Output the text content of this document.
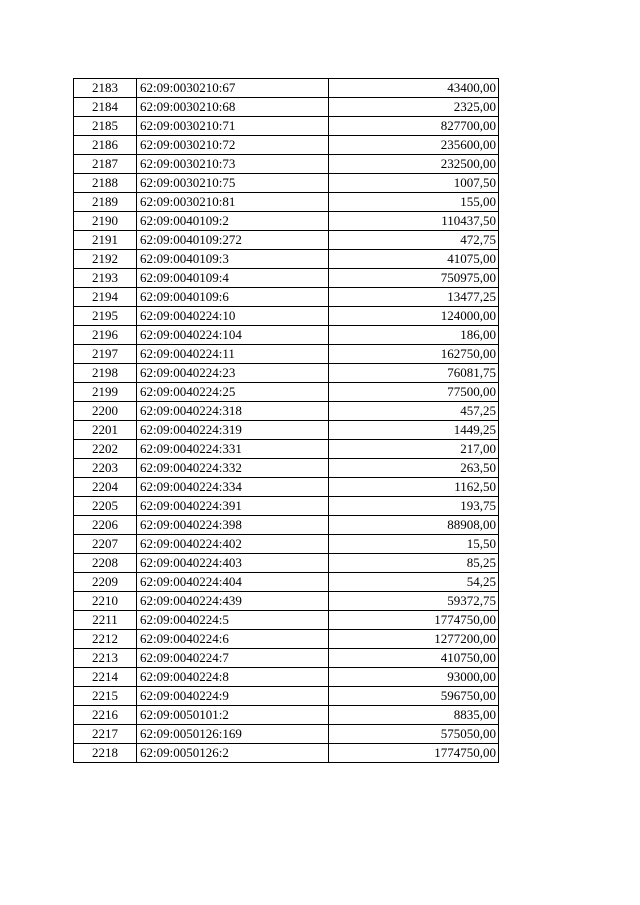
2183	62:09:0030210:67	43400,00
2184	62:09:0030210:68	2325,00
2185	62:09:0030210:71	827700,00
2186	62:09:0030210:72	235600,00
2187	62:09:0030210:73	232500,00
2188	62:09:0030210:75	1007,50
2189	62:09:0030210:81	155,00
2190	62:09:0040109:2	110437,50
2191	62:09:0040109:272	472,75
2192	62:09:0040109:3	41075,00
2193	62:09:0040109:4	750975,00
2194	62:09:0040109:6	13477,25
2195	62:09:0040224:10	124000,00
2196	62:09:0040224:104	186,00
2197	62:09:0040224:11	162750,00
2198	62:09:0040224:23	76081,75
2199	62:09:0040224:25	77500,00
2200	62:09:0040224:318	457,25
2201	62:09:0040224:319	1449,25
2202	62:09:0040224:331	217,00
2203	62:09:0040224:332	263,50
2204	62:09:0040224:334	1162,50
2205	62:09:0040224:391	193,75
2206	62:09:0040224:398	88908,00
2207	62:09:0040224:402	15,50
2208	62:09:0040224:403	85,25
2209	62:09:0040224:404	54,25
2210	62:09:0040224:439	59372,75
2211	62:09:0040224:5	1774750,00
2212	62:09:0040224:6	1277200,00
2213	62:09:0040224:7	410750,00
2214	62:09:0040224:8	93000,00
2215	62:09:0040224:9	596750,00
2216	62:09:0050101:2	8835,00
2217	62:09:0050126:169	575050,00
2218	62:09:0050126:2	1774750,00
